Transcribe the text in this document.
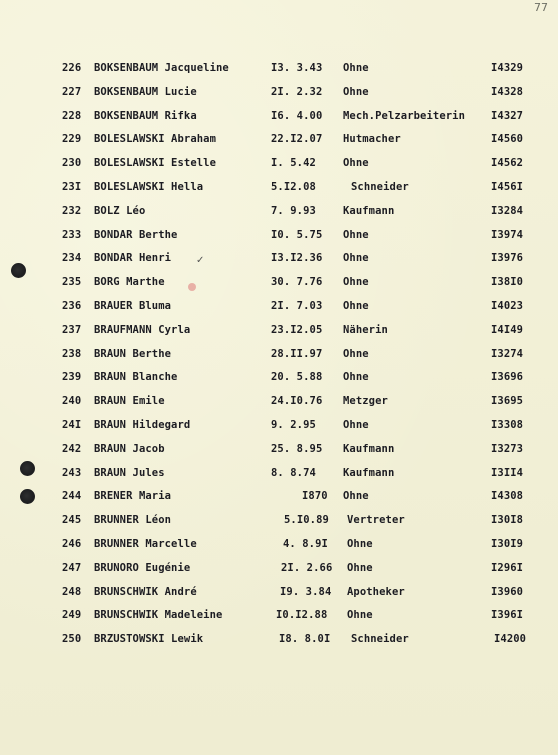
77
✓
226 BOKSENBAUM Jacqueline	I3. 3.43 Ohne	I4329
227 BOKSENBAUM Lucie	2I. 2.32 Ohne	I4328
228 BOKSENBAUM Rifka	I6. 4.00 Mech.Pelzarbeiterin I4327
229 BOLESLAWSKI Abraham	22.I2.07 Hutmacher	I4560
230 BOLESLAWSKI Estelle	I. 5.42	Ohne	I4562
23I BOLESLAWSKI Hella	5.I2.08	Schneider	I456I
232 BOLZ Léo	7. 9.93	Kaufmann	I3284
233 BONDAR Berthe	I0. 5.75 Ohne	I3974
234 BONDAR Henri	I3.I2.36 Ohne	I3976
235 BORG Marthe	30. 7.76 Ohne	I38I0
236 BRAUER Bluma	2I. 7.03 Ohne	I4023
237 BRAUFMANN Cyrla	23.I2.05 Näherin	I4I49
238 BRAUN Berthe	28.II.97 Ohne	I3274
239 BRAUN Blanche	20. 5.88 Ohne	I3696
240 BRAUN Emile	24.I0.76 Metzger	I3695
24I BRAUN Hildegard	9. 2.95	Ohne	I3308
242 BRAUN Jacob	25. 8.95 Kaufmann	I3273
243 BRAUN Jules	8. 8.74	Kaufmann	I3II4
244 BRENER Maria	I870 Ohne	I4308
245 BRUNNER Léon	5.I0.89 Vertreter	I30I8
246 BRUNNER Marcelle	4. 8.9I Ohne	I30I9
247 BRUNORO Eugénie	2I. 2.66 Ohne	I296I
248 BRUNSCHWIK André	I9. 3.84 Apotheker	I3960
249 BRUNSCHWIK Madeleine	I0.I2.88 Ohne	I396I
250 BRZUSTOWSKI Lewik	I8. 8.0I Schneider	I4200
